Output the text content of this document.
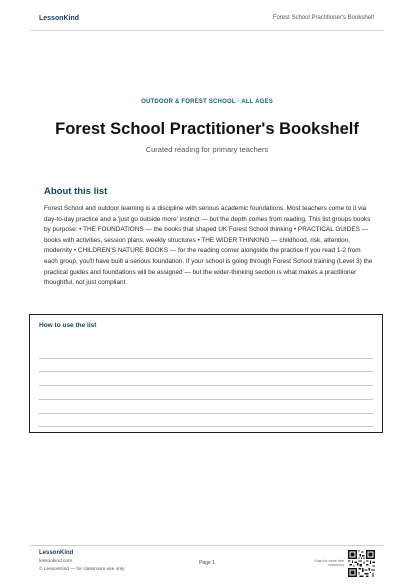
LessonKind	Forest School Practitioner's Bookshelf
OUTDOOR & FOREST SCHOOL · ALL AGES
Forest School Practitioner's Bookshelf
Curated reading for primary teachers
About this list
Forest School and outdoor learning is a discipline with serious academic foundations. Most teachers come to it via day-to-day practice and a 'just go outside more' instinct — but the depth comes from reading. This list groups books by purpose: • THE FOUNDATIONS — the books that shaped UK Forest School thinking • PRACTICAL GUIDES — books with activities, session plans, weekly structures • THE WIDER THINKING — childhood, risk, attention, modernity • CHILDREN'S NATURE BOOKS — for the reading corner alongside the practice If you read 1-2 from each group, you'll have built a serious foundation. If your school is going through Forest School training (Level 3) the practical guides and foundations will be assigned — but the wider-thinking section is what makes a practitioner thoughtful, not just compliant.
How to use the list
LessonKind
lessonkind.com
© LessonKind — for classroom use only
Page 1	Scan for more free resources
